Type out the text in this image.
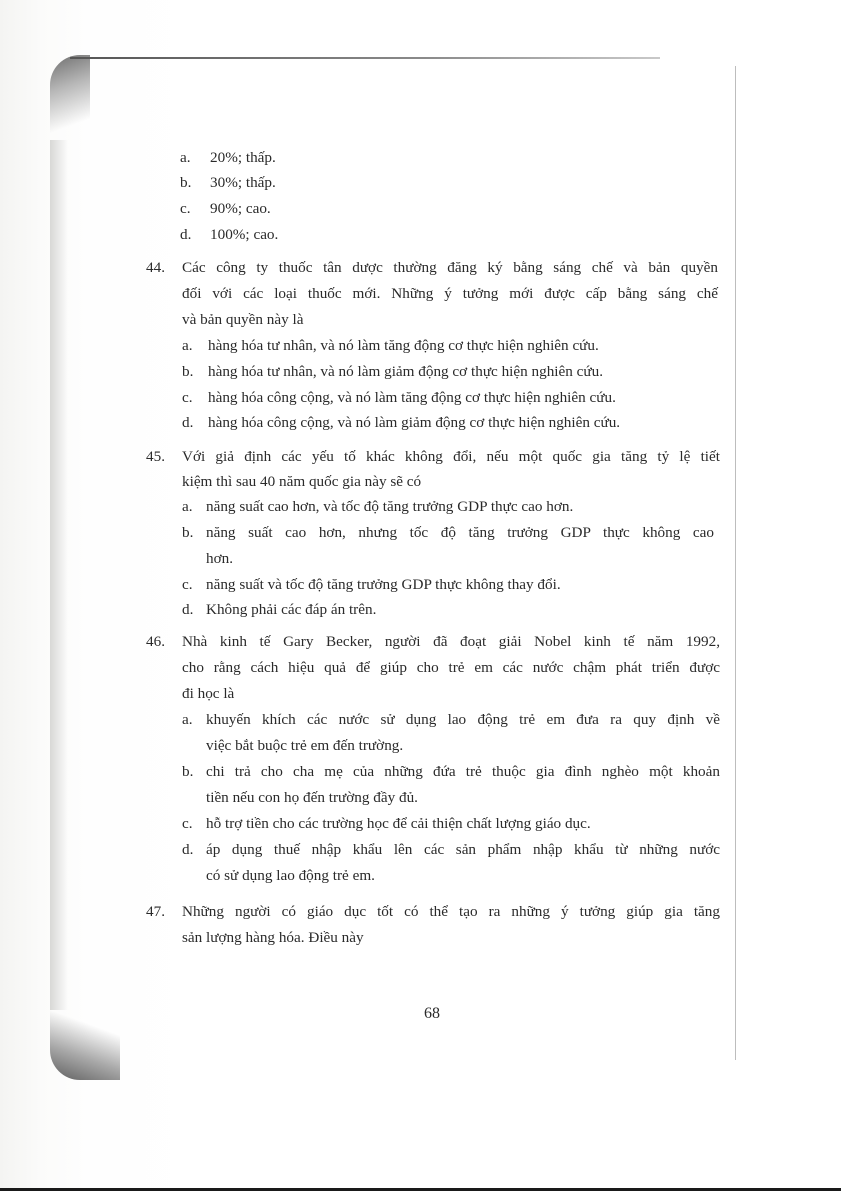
a. 20%; thấp.
b. 30%; thấp.
c. 90%; cao.
d. 100%; cao.
44. Các công ty thuốc tân dược thường đăng ký bằng sáng chế và bản quyền
đối với các loại thuốc mới. Những ý tưởng mới được cấp bằng sáng chế
và bản quyền này là
a. hàng hóa tư nhân, và nó làm tăng động cơ thực hiện nghiên cứu.
b. hàng hóa tư nhân, và nó làm giảm động cơ thực hiện nghiên cứu.
c. hàng hóa công cộng, và nó làm tăng động cơ thực hiện nghiên cứu.
d. hàng hóa công cộng, và nó làm giảm động cơ thực hiện nghiên cứu.
45. Với giả định các yếu tố khác không đổi, nếu một quốc gia tăng tỷ lệ tiết
kiệm thì sau 40 năm quốc gia này sẽ có
a. năng suất cao hơn, và tốc độ tăng trưởng GDP thực cao hơn.
b. năng suất cao hơn, nhưng tốc độ tăng trưởng GDP thực không cao
hơn.
c. năng suất và tốc độ tăng trưởng GDP thực không thay đổi.
d. Không phải các đáp án trên.
46. Nhà kinh tế Gary Becker, người đã đoạt giải Nobel kinh tế năm 1992,
cho rằng cách hiệu quả để giúp cho trẻ em các nước chậm phát triển được
đi học là
a. khuyến khích các nước sử dụng lao động trẻ em đưa ra quy định về
việc bắt buộc trẻ em đến trường.
b. chi trả cho cha mẹ của những đứa trẻ thuộc gia đình nghèo một khoản
tiền nếu con họ đến trường đầy đủ.
c. hỗ trợ tiền cho các trường học để cải thiện chất lượng giáo dục.
d. áp dụng thuế nhập khẩu lên các sản phẩm nhập khẩu từ những nước
có sử dụng lao động trẻ em.
47. Những người có giáo dục tốt có thể tạo ra những ý tưởng giúp gia tăng
sản lượng hàng hóa. Điều này
68
